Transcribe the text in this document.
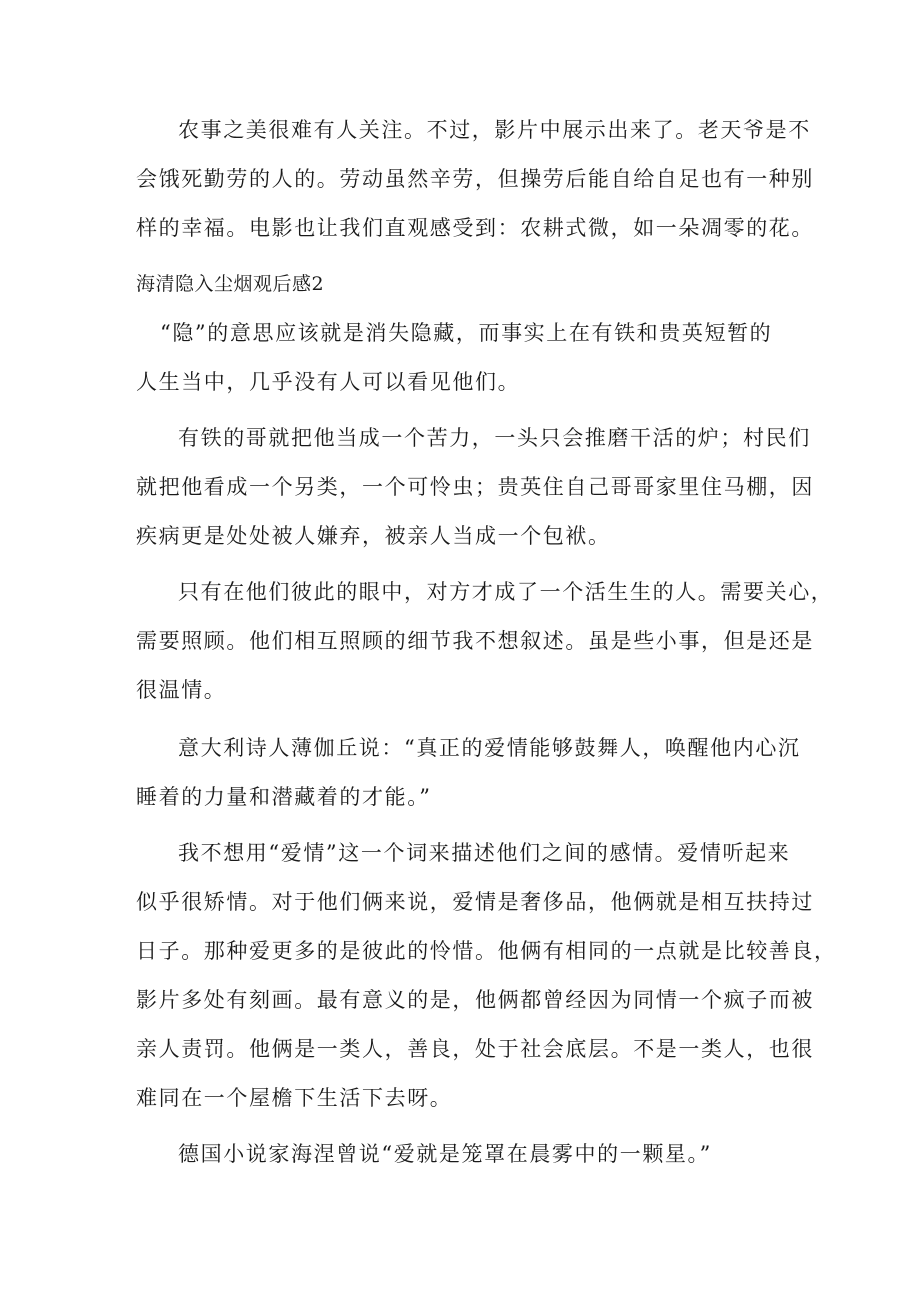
农事之美很难有人关注。不过，影片中展示出来了。老天爷是不
会饿死勤劳的人的。劳动虽然辛劳，但操劳后能自给自足也有一种别
样的幸福。电影也让我们直观感受到：农耕式微，如一朵凋零的花。
海清隐入尘烟观后感2
“隐”的意思应该就是消失隐藏，而事实上在有铁和贵英短暂的
人生当中，几乎没有人可以看见他们。
有铁的哥就把他当成一个苦力，一头只会推磨干活的炉；村民们
就把他看成一个另类，一个可怜虫；贵英住自己哥哥家里住马棚，因
疾病更是处处被人嫌弃，被亲人当成一个包袱。
只有在他们彼此的眼中，对方才成了一个活生生的人。需要关心，
需要照顾。他们相互照顾的细节我不想叙述。虽是些小事，但是还是
很温情。
意大利诗人薄伽丘说：“真正的爱情能够鼓舞人，唤醒他内心沉
睡着的力量和潜藏着的才能。”
我不想用“爱情”这一个词来描述他们之间的感情。爱情听起来
似乎很矫情。对于他们俩来说，爱情是奢侈品，他俩就是相互扶持过
日子。那种爱更多的是彼此的怜惜。他俩有相同的一点就是比较善良，
影片多处有刻画。最有意义的是，他俩都曾经因为同情一个疯子而被
亲人责罚。他俩是一类人，善良，处于社会底层。不是一类人，也很
难同在一个屋檐下生活下去呀。
德国小说家海涅曾说“爱就是笼罩在晨雾中的一颗星。”
